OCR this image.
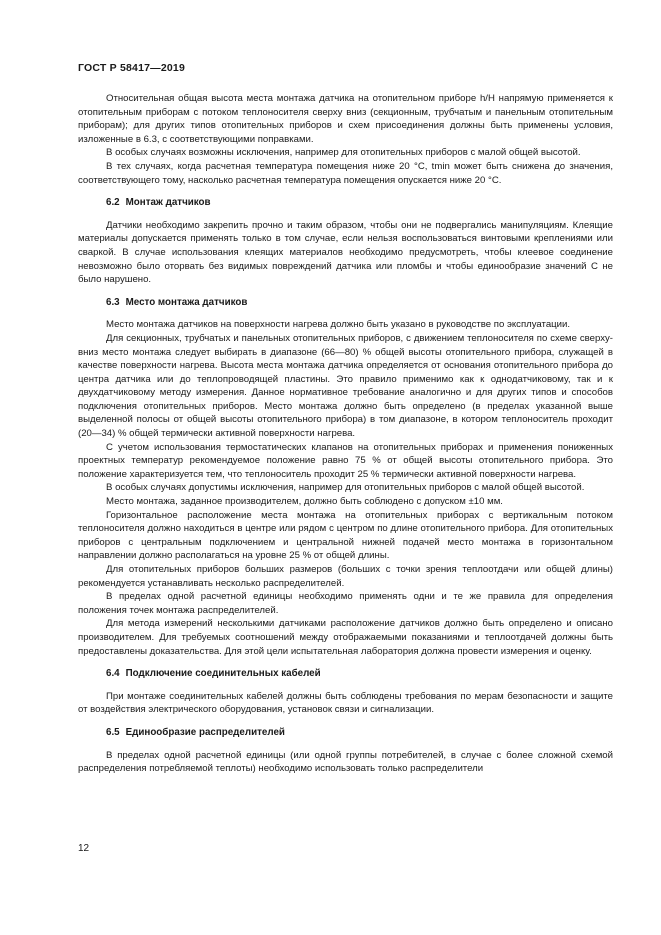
ГОСТ Р 58417—2019

Относительная общая высота места монтажа датчика на отопительном приборе h/H напрямую применяется к отопительным приборам с потоком теплоносителя сверху вниз (секционным, трубчатым и панельным отопительным приборам); для других типов отопительных приборов и схем присоединения должны быть применены условия, изложенные в 6.3, с соответствующими поправками.

В особых случаях возможны исключения, например для отопительных приборов с малой общей высотой.

В тех случаях, когда расчетная температура помещения ниже 20 °C, tmin может быть снижена до значения, соответствующего тому, насколько расчетная температура помещения опускается ниже 20 °C.

6.2 Монтаж датчиков

Датчики необходимо закрепить прочно и таким образом, чтобы они не подвергались манипуляциям. Клеящие материалы допускается применять только в том случае, если нельзя воспользоваться винтовыми креплениями или сваркой. В случае использования клеящих материалов необходимо предусмотреть, чтобы клеевое соединение невозможно было оторвать без видимых повреждений датчика или пломбы и чтобы единообразие значений C не было нарушено.

6.3 Место монтажа датчиков

Место монтажа датчиков на поверхности нагрева должно быть указано в руководстве по эксплуатации.

Для секционных, трубчатых и панельных отопительных приборов, с движением теплоносителя по схеме сверху-вниз место монтажа следует выбирать в диапазоне (66—80) % общей высоты отопительного прибора, служащей в качестве поверхности нагрева. Высота места монтажа датчика определяется от основания отопительного прибора до центра датчика или до теплопроводящей пластины. Это правило применимо как к однодатчиковому, так и к двухдатчиковому методу измерения. Данное нормативное требование аналогично и для других типов и способов подключения отопительных приборов. Место монтажа должно быть определено (в пределах указанной выше выделенной полосы от общей высоты отопительного прибора) в том диапазоне, в котором теплоноситель проходит (20—34) % общей термически активной поверхности нагрева.

С учетом использования термостатических клапанов на отопительных приборах и применения пониженных проектных температур рекомендуемое положение равно 75 % от общей высоты отопительного прибора. Это положение характеризуется тем, что теплоноситель проходит 25 % термически активной поверхности нагрева.

В особых случаях допустимы исключения, например для отопительных приборов с малой общей высотой.

Место монтажа, заданное производителем, должно быть соблюдено с допуском ±10 мм.

Горизонтальное расположение места монтажа на отопительных приборах с вертикальным потоком теплоносителя должно находиться в центре или рядом с центром по длине отопительного прибора. Для отопительных приборов с центральным подключением и центральной нижней подачей место монтажа в горизонтальном направлении должно располагаться на уровне 25 % от общей длины.

Для отопительных приборов больших размеров (больших с точки зрения теплоотдачи или общей длины) рекомендуется устанавливать несколько распределителей.

В пределах одной расчетной единицы необходимо применять одни и те же правила для определения положения точек монтажа распределителей.

Для метода измерений несколькими датчиками расположение датчиков должно быть определено и описано производителем. Для требуемых соотношений между отображаемыми показаниями и теплоотдачей должны быть предоставлены доказательства. Для этой цели испытательная лаборатория должна провести измерения и оценку.

6.4 Подключение соединительных кабелей

При монтаже соединительных кабелей должны быть соблюдены требования по мерам безопасности и защите от воздействия электрического оборудования, установок связи и сигнализации.

6.5 Единообразие распределителей

В пределах одной расчетной единицы (или одной группы потребителей, в случае с более сложной схемой распределения потребляемой теплоты) необходимо использовать только распределители

12
